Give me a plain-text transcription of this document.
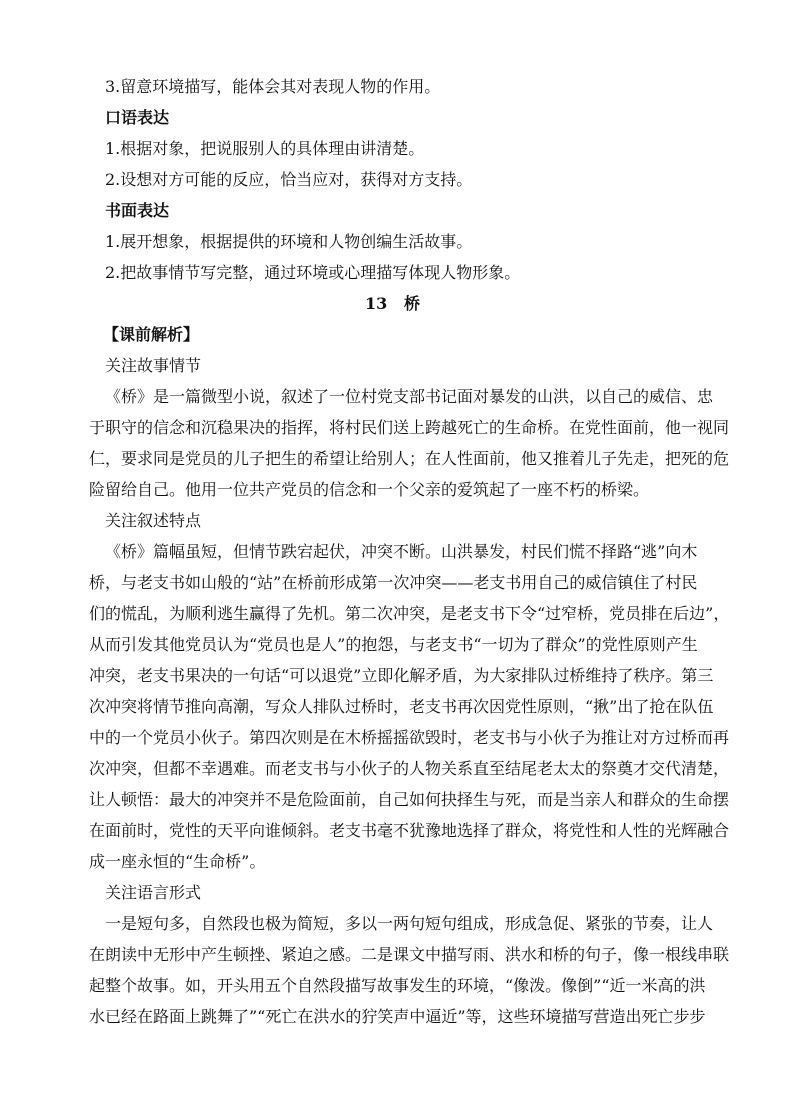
3.留意环境描写，能体会其对表现人物的作用。
口语表达
1.根据对象，把说服别人的具体理由讲清楚。
2.设想对方可能的反应，恰当应对，获得对方支持。
书面表达
1.展开想象，根据提供的环境和人物创编生活故事。
2.把故事情节写完整，通过环境或心理描写体现人物形象。
13   桥
【课前解析】
关注故事情节
《桥》是一篇微型小说，叙述了一位村党支部书记面对暴发的山洪，以自己的威信、忠
于职守的信念和沉稳果决的指挥，将村民们送上跨越死亡的生命桥。在党性面前，他一视同
仁，要求同是党员的儿子把生的希望让给别人；在人性面前，他又推着儿子先走，把死的危
险留给自己。他用一位共产党员的信念和一个父亲的爱筑起了一座不朽的桥梁。
关注叙述特点
《桥》篇幅虽短，但情节跌宕起伏，冲突不断。山洪暴发，村民们慌不择路“逃”向木
桥，与老支书如山般的“站”在桥前形成第一次冲突——老支书用自己的威信镇住了村民
们的慌乱，为顺利逃生赢得了先机。第二次冲突，是老支书下令“过窄桥，党员排在后边”，
从而引发其他党员认为“党员也是人”的抱怨，与老支书“一切为了群众”的党性原则产生
冲突，老支书果决的一句话“可以退党”立即化解矛盾，为大家排队过桥维持了秩序。第三
次冲突将情节推向高潮，写众人排队过桥时，老支书再次因党性原则，“揪”出了抢在队伍
中的一个党员小伙子。第四次则是在木桥摇摇欲毁时，老支书与小伙子为推让对方过桥而再
次冲突，但都不幸遇难。而老支书与小伙子的人物关系直至结尾老太太的祭奠才交代清楚，
让人顿悟：最大的冲突并不是危险面前，自己如何抉择生与死，而是当亲人和群众的生命摆
在面前时，党性的天平向谁倾斜。老支书毫不犹豫地选择了群众，将党性和人性的光辉融合
成一座永恒的“生命桥”。
关注语言形式
一是短句多，自然段也极为简短，多以一两句短句组成，形成急促、紧张的节奏，让人
在朗读中无形中产生顿挫、紧迫之感。二是课文中描写雨、洪水和桥的句子，像一根线串联
起整个故事。如，开头用五个自然段描写故事发生的环境，“像泼。像倒”“近一米高的洪
水已经在路面上跳舞了”“死亡在洪水的狞笑声中逼近”等，这些环境描写营造出死亡步步
